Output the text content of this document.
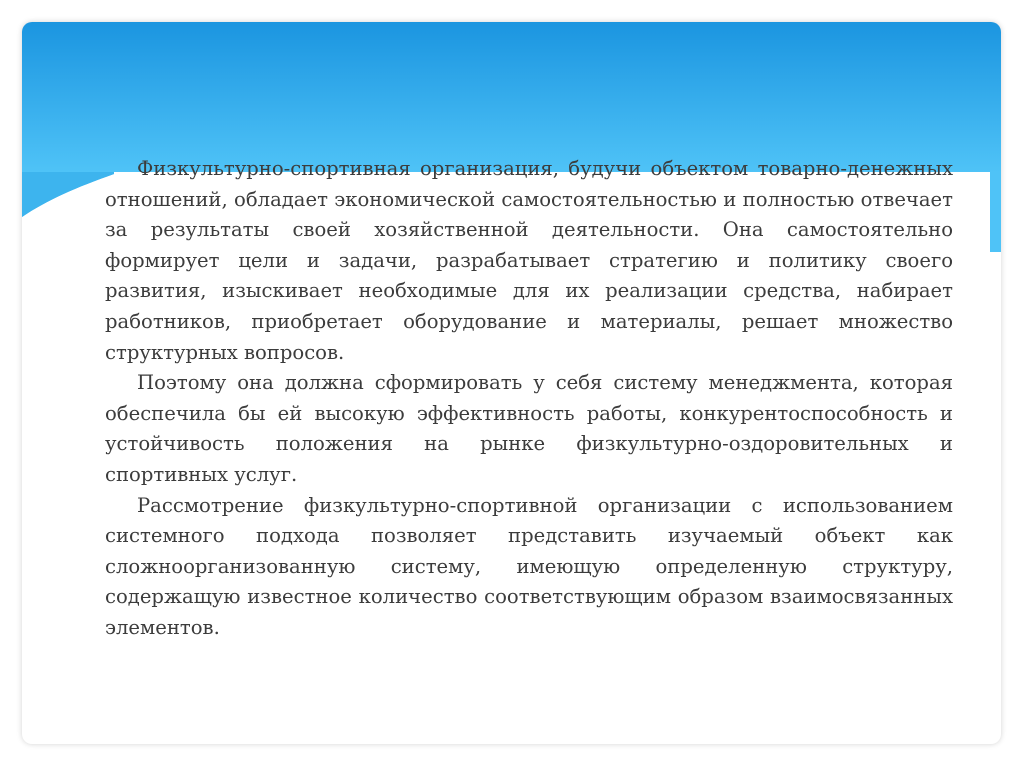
Физкультурно-спортивная организация, будучи объектом товарно-денежных отношений, обладает экономической самостоятельностью и полностью отвечает за результаты своей хозяйственной деятельности. Она самостоятельно формирует цели и задачи, разрабатывает стратегию и политику своего развития, изыскивает необходимые для их реализации средства, набирает работников, приобретает оборудование и материалы, решает множество структурных вопросов.

Поэтому она должна сформировать у себя систему менеджмента, которая обеспечила бы ей высокую эффективность работы, конкурентоспособность и устойчивость положения на рынке физкультурно-оздоровительных и спортивных услуг.

Рассмотрение физкультурно-спортивной организации с использованием системного подхода позволяет представить изучаемый объект как сложноорганизованную систему, имеющую определенную структуру, содержащую известное количество соответствующим образом взаимосвязанных элементов.
